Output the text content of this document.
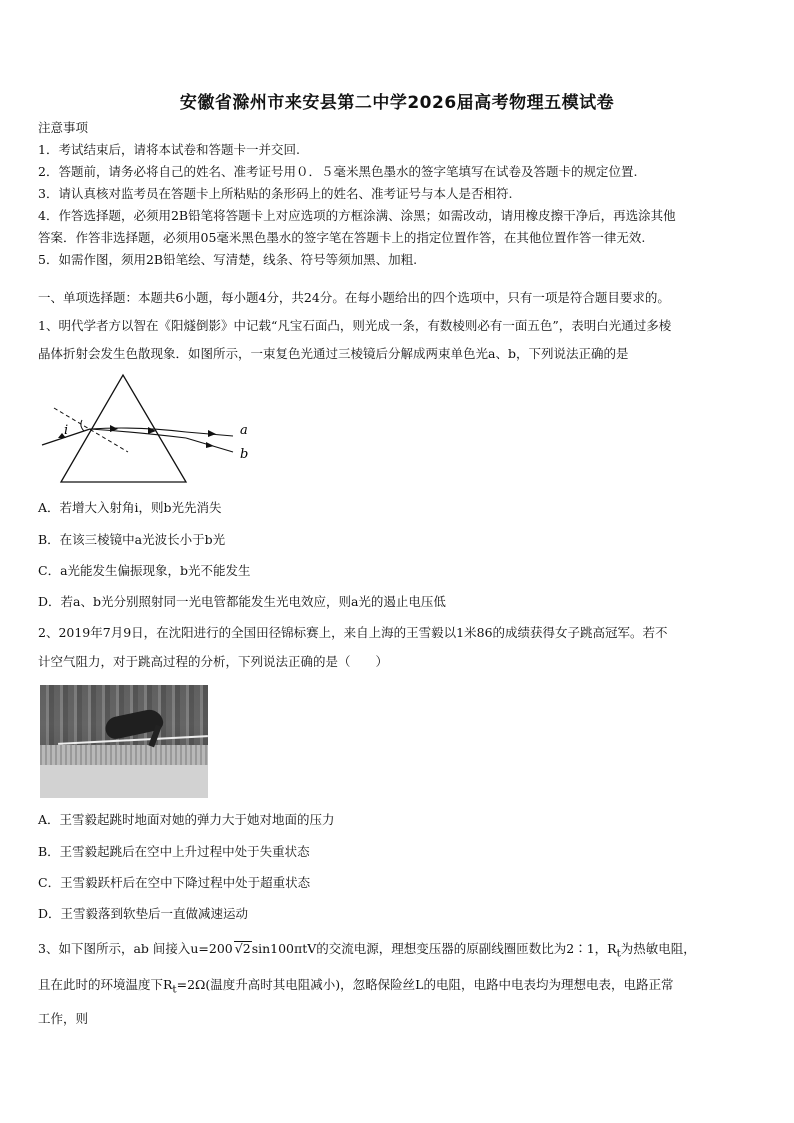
安徽省滁州市来安县第二中学2026届高考物理五模试卷
注意事项
1．考试结束后，请将本试卷和答题卡一并交回.
2．答题前，请务必将自己的姓名、准考证号用０．５毫米黑色墨水的签字笔填写在试卷及答题卡的规定位置.
3．请认真核对监考员在答题卡上所粘贴的条形码上的姓名、准考证号与本人是否相符.
4．作答选择题，必须用2B铅笔将答题卡上对应选项的方框涂满、涂黑；如需改动，请用橡皮擦干净后，再选涂其他
答案．作答非选择题，必须用05毫米黑色墨水的签字笔在答题卡上的指定位置作答，在其他位置作答一律无效.
5．如需作图，须用2B铅笔绘、写清楚，线条、符号等须加黑、加粗.
一、单项选择题：本题共6小题，每小题4分，共24分。在每小题给出的四个选项中，只有一项是符合题目要求的。
1、明代学者方以智在《阳燧倒影》中记载“凡宝石面凸，则光成一条，有数棱则必有一面五色”，表明白光通过多棱
晶体折射会发生色散现象．如图所示，一束复色光通过三棱镜后分解成两束单色光a、b，下列说法正确的是
i	a
b
A．若增大入射角i，则b光先消失
B．在该三棱镜中a光波长小于b光
C．a光能发生偏振现象，b光不能发生
D．若a、b光分别照射同一光电管都能发生光电效应，则a光的遏止电压低
2、2019年7月9日，在沈阳进行的全国田径锦标赛上，来自上海的王雪毅以1米86的成绩获得女子跳高冠军。若不
计空气阻力，对于跳高过程的分析，下列说法正确的是（　　）
A．王雪毅起跳时地面对她的弹力大于她对地面的压力
B．王雪毅起跳后在空中上升过程中处于失重状态
C．王雪毅跃杆后在空中下降过程中处于超重状态
D．王雪毅落到软垫后一直做减速运动
3、如下图所示，ab 间接入u=200 √2sin100πtV的交流电源，理想变压器的原副线圈匝数比为2∶1，$R_t$为热敏电阻，
且在此时的环境温度下$R_t=2\Omega$(温度升高时其电阻减小)，忽略保险丝L的电阻，电路中电表均为理想电表，电路正常
工作，则
